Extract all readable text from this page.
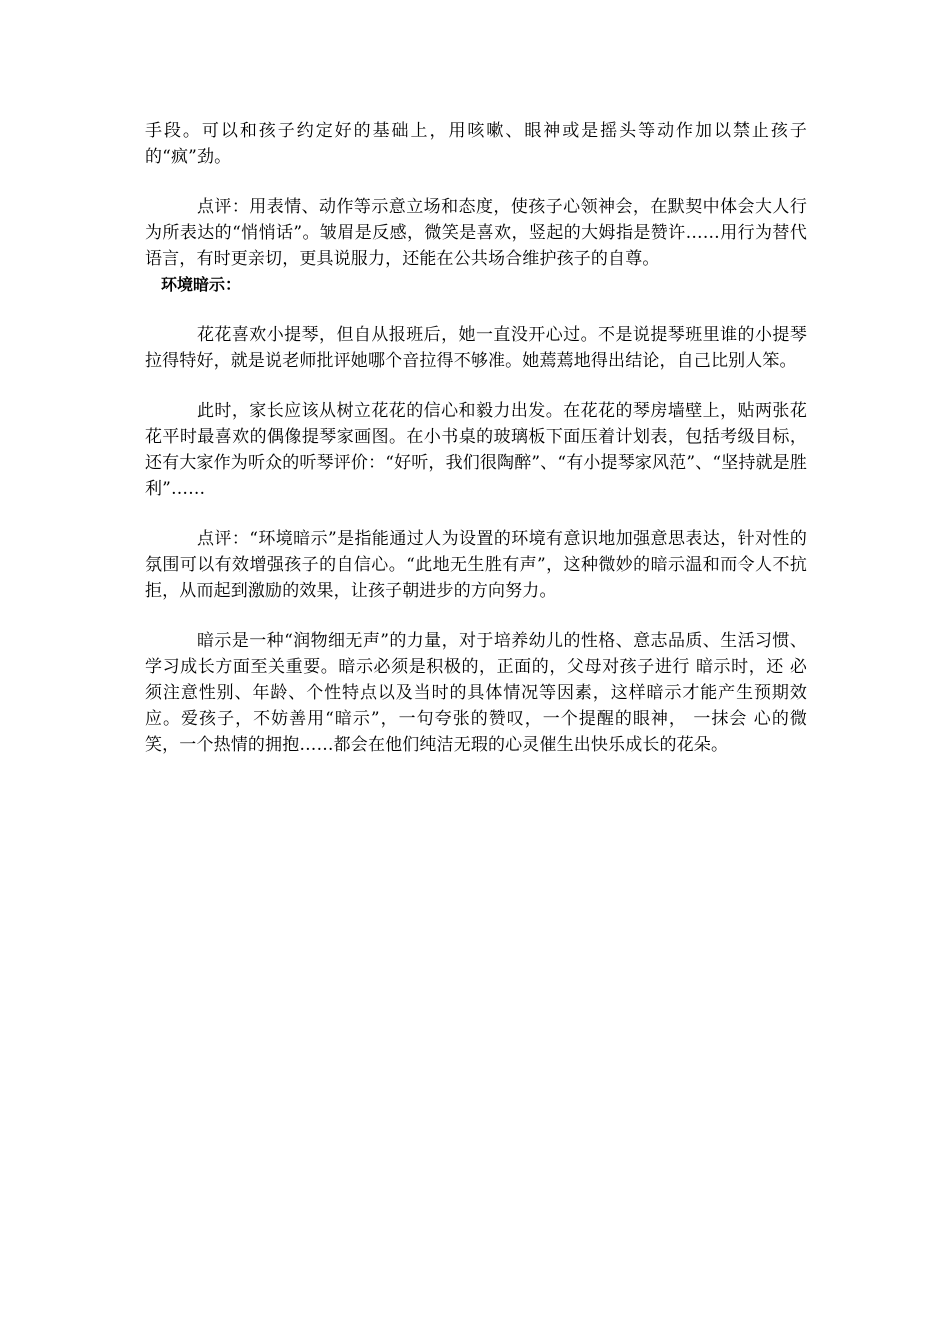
手段。可以和孩子约定好的基础上，用咳嗽、眼神或是摇头等动作加以禁止孩子的“疯”劲。

点评：用表情、动作等示意立场和态度，使孩子心领神会，在默契中体会大人行为所表达的“悄悄话”。皱眉是反感，微笑是喜欢，竖起的大姆指是赞许……用行为替代语言，有时更亲切，更具说服力，还能在公共场合维护孩子的自尊。

环境暗示：

花花喜欢小提琴，但自从报班后，她一直没开心过。不是说提琴班里谁的小提琴拉得特好，就是说老师批评她哪个音拉得不够准。她蔫蔫地得出结论，自己比别人笨。

此时，家长应该从树立花花的信心和毅力出发。在花花的琴房墙壁上，贴两张花花平时最喜欢的偶像提琴家画图。在小书桌的玻璃板下面压着计划表，包括考级目标，还有大家作为听众的听琴评价：“好听，我们很陶醉”、“有小提琴家风范”、“坚持就是胜利”……

点评：“环境暗示”是指能通过人为设置的环境有意识地加强意思表达，针对性的氛围可以有效增强孩子的自信心。“此地无生胜有声”，这种微妙的暗示温和而令人不抗拒，从而起到激励的效果，让孩子朝进步的方向努力。

暗示是一种“润物细无声”的力量，对于培养幼儿的性格、意志品质、生活习惯、学习成长方面至关重要。暗示必须是积极的，正面的，父母对孩子进行 暗示时，还 必须注意性别、年龄、个性特点以及当时的具体情况等因素，这样暗示才能产生预期效应。爱孩子，不妨善用“暗示”，一句夸张的赞叹，一个提醒的眼神， 一抹会 心的微笑，一个热情的拥抱……都会在他们纯洁无瑕的心灵催生出快乐成长的花朵。
